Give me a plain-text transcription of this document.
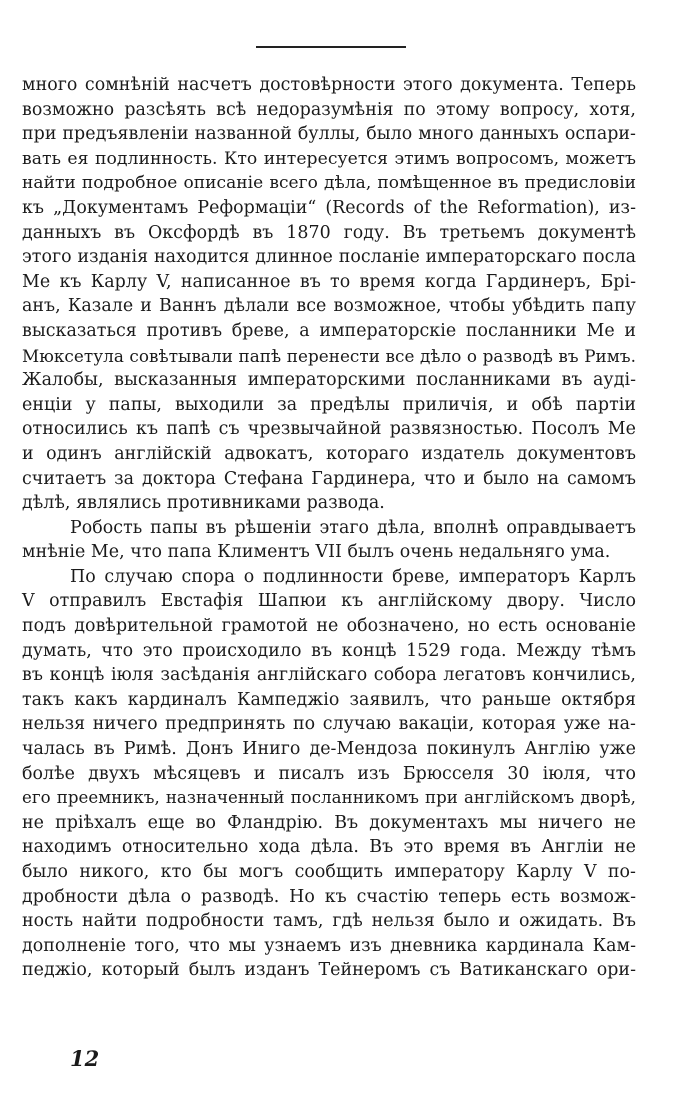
много сомнѣній насчетъ достовѣрности этого документа. Теперь
возможно разсѣять всѣ недоразумѣнія по этому вопросу, хотя,
при предъявленіи названной буллы, было много данныхъ оспари-
вать ея подлинность. Кто интересуется этимъ вопросомъ, можетъ
найти подробное описаніе всего дѣла, помѣщенное въ предисловіи
къ „Документамъ Реформаціи“ (Records of the Reformation), из-
данныхъ въ Оксфордѣ въ 1870 году. Въ третьемъ документѣ
этого изданія находится длинное посланіе императорскаго посла
Ме къ Карлу V, написанное въ то время когда Гардинеръ, Брі-
анъ, Казале и Ваннъ дѣлали все возможное, чтобы убѣдить папу
высказаться противъ бреве, а императорскіе посланники Ме и
Мюксетула совѣтывали папѣ перенести все дѣло о разводѣ въ Римъ.
Жалобы, высказанныя императорскими посланниками въ ауді-
енціи у папы, выходили за предѣлы приличія, и обѣ партіи
относились къ папѣ съ чрезвычайной развязностью. Посолъ Ме
и одинъ англійскій адвокатъ, котораго издатель документовъ
считаетъ за доктора Стефана Гардинера, что и было на самомъ
дѣлѣ, являлись противниками развода.
Робость папы въ рѣшеніи этаго дѣла, вполнѣ оправдываетъ
мнѣніе Ме, что папа Климентъ VII былъ очень недальняго ума.
По случаю спора о подлинности бреве, императоръ Карлъ
V отправилъ Евстафія Шапюи къ англійскому двору. Число
подъ довѣрительной грамотой не обозначено, но есть основаніе
думать, что это происходило въ концѣ 1529 года. Между тѣмъ
въ концѣ іюля засѣданія англійскаго собора легатовъ кончились,
такъ какъ кардиналъ Кампеджіо заявилъ, что раньше октября
нельзя ничего предпринять по случаю вакаціи, которая уже на-
чалась въ Римѣ. Донъ Иниго де-Мендоза покинулъ Англію уже
болѣе двухъ мѣсяцевъ и писалъ изъ Брюсселя 30 іюля, что
его преемникъ, назначенный посланникомъ при англійскомъ дворѣ,
не пріѣхалъ еще во Фландрію. Въ документахъ мы ничего не
находимъ относительно хода дѣла. Въ это время въ Англіи не
было никого, кто бы могъ сообщить императору Карлу V по-
дробности дѣла о разводѣ. Но къ счастію теперь есть возмож-
ность найти подробности тамъ, гдѣ нельзя было и ожидать. Въ
дополненіе того, что мы узнаемъ изъ дневника кардинала Кам-
педжіо, который былъ изданъ Тейнеромъ съ Ватиканскаго ори-
12
